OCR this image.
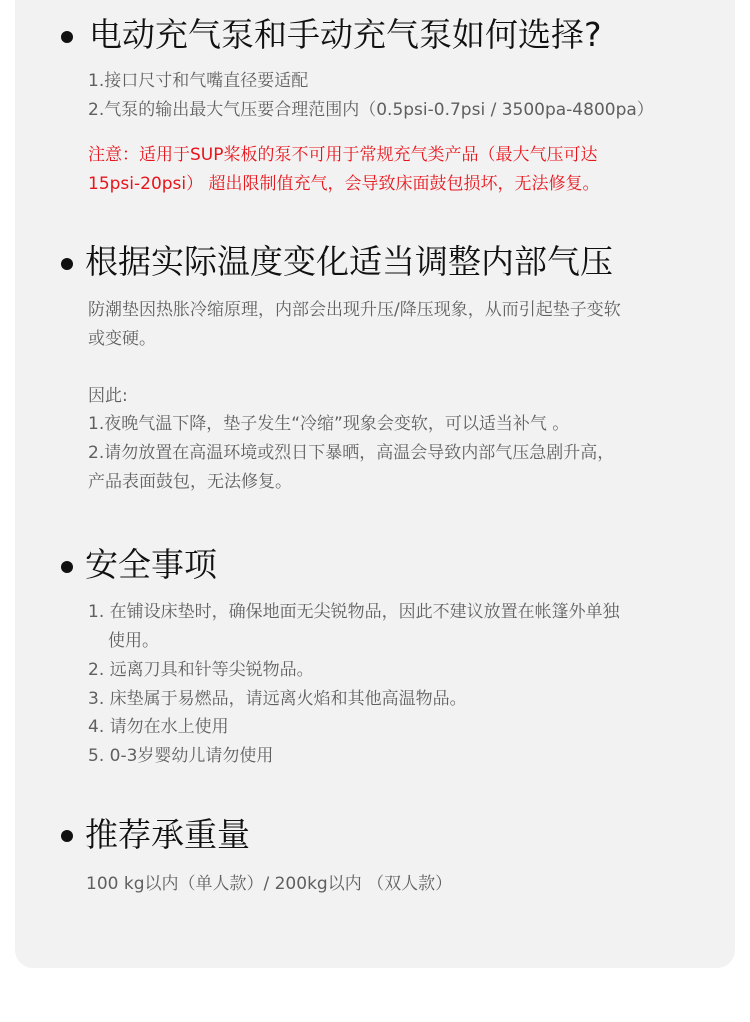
电动充气泵和手动充气泵如何选择?

1.接口尺寸和气嘴直径要适配

2.气泵的输出最大气压要合理范围内（0.5psi-0.7psi / 3500pa-4800pa）

注意：适用于SUP桨板的泵不可用于常规充气类产品（最大气压可达

15psi-20psi） 超出限制值充气，会导致床面鼓包损坏，无法修复。

根据实际温度变化适当调整内部气压

防潮垫因热胀冷缩原理，内部会出现升压/降压现象，从而引起垫子变软

或变硬。

因此:

1.夜晚气温下降，垫子发生“冷缩”现象会变软，可以适当补气 。

2.请勿放置在高温环境或烈日下暴晒，高温会导致内部气压急剧升高，

产品表面鼓包，无法修复。

安全事项

1. 在铺设床垫时，确保地面无尖锐物品，因此不建议放置在帐篷外单独

使用。

2. 远离刀具和针等尖锐物品。

3. 床垫属于易燃品，请远离火焰和其他高温物品。

4. 请勿在水上使用

5. 0-3岁婴幼儿请勿使用

推荐承重量

100 kg以内（单人款）/ 200kg以内 （双人款）
